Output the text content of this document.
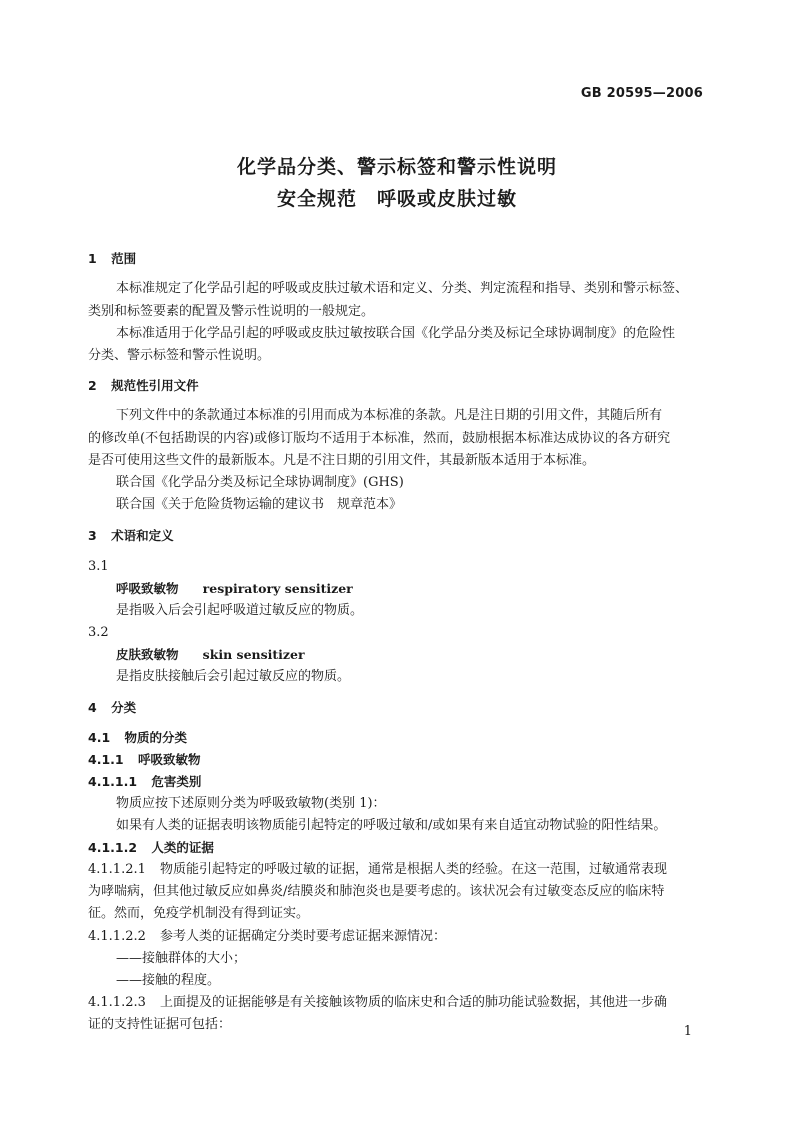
GB 20595—2006
化学品分类、警示标签和警示性说明
安全规范　呼吸或皮肤过敏
1 范围
本标准规定了化学品引起的呼吸或皮肤过敏术语和定义、分类、判定流程和指导、类别和警示标签、
类别和标签要素的配置及警示性说明的一般规定。
本标准适用于化学品引起的呼吸或皮肤过敏按联合国《化学品分类及标记全球协调制度》的危险性
分类、警示标签和警示性说明。
2 规范性引用文件
下列文件中的条款通过本标准的引用而成为本标准的条款。凡是注日期的引用文件，其随后所有
的修改单(不包括勘误的内容)或修订版均不适用于本标准，然而，鼓励根据本标准达成协议的各方研究
是否可使用这些文件的最新版本。凡是不注日期的引用文件，其最新版本适用于本标准。
联合国《化学品分类及标记全球协调制度》(GHS)
联合国《关于危险货物运输的建议书　规章范本》
3 术语和定义
3.1
呼吸致敏物 respiratory sensitizer
是指吸入后会引起呼吸道过敏反应的物质。
3.2
皮肤致敏物 skin sensitizer
是指皮肤接触后会引起过敏反应的物质。
4 分类
4.1 物质的分类
4.1.1 呼吸致敏物
4.1.1.1 危害类别
物质应按下述原则分类为呼吸致敏物(类别 1)：
如果有人类的证据表明该物质能引起特定的呼吸过敏和/或如果有来自适宜动物试验的阳性结果。
4.1.1.2 人类的证据
4.1.1.2.1 物质能引起特定的呼吸过敏的证据，通常是根据人类的经验。在这一范围，过敏通常表现
为哮喘病，但其他过敏反应如鼻炎/结膜炎和肺泡炎也是要考虑的。该状况会有过敏变态反应的临床特
征。然而，免疫学机制没有得到证实。
4.1.1.2.2 参考人类的证据确定分类时要考虑证据来源情况：
——接触群体的大小；
——接触的程度。
4.1.1.2.3 上面提及的证据能够是有关接触该物质的临床史和合适的肺功能试验数据，其他进一步确
证的支持性证据可包括：	1
